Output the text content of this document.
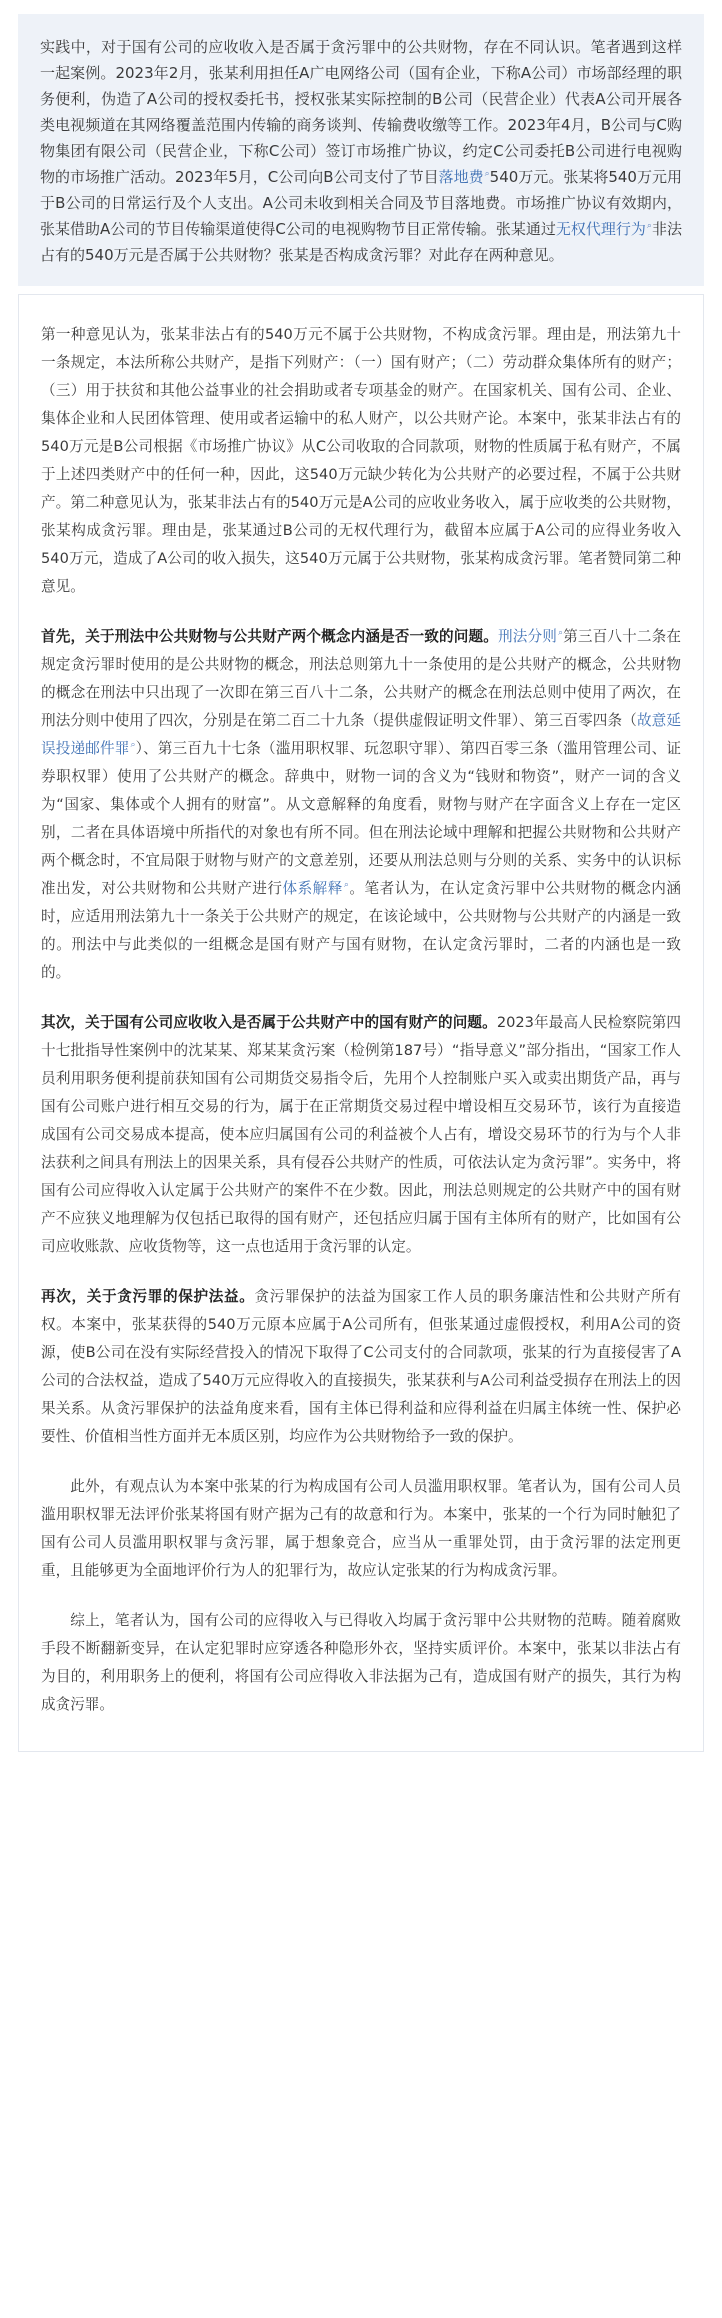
实践中，对于国有公司的应收收入是否属于贪污罪中的公共财物，存在不同认识。笔者遇到这样一起案例。2023年2月，张某利用担任A广电网络公司（国有企业，下称A公司）市场部经理的职务便利，伪造了A公司的授权委托书，授权张某实际控制的B公司（民营企业）代表A公司开展各类电视频道在其网络覆盖范围内传输的商务谈判、传输费收缴等工作。2023年4月，B公司与C购物集团有限公司（民营企业，下称C公司）签订市场推广协议，约定C公司委托B公司进行电视购物的市场推广活动。2023年5月，C公司向B公司支付了节目落地费⌕540万元。张某将540万元用于B公司的日常运行及个人支出。A公司未收到相关合同及节目落地费。市场推广协议有效期内，张某借助A公司的节目传输渠道使得C公司的电视购物节目正常传输。张某通过无权代理行为⌕非法占有的540万元是否属于公共财物？张某是否构成贪污罪？对此存在两种意见。

第一种意见认为，张某非法占有的540万元不属于公共财物，不构成贪污罪。理由是，刑法第九十一条规定，本法所称公共财产，是指下列财产：（一）国有财产；（二）劳动群众集体所有的财产；（三）用于扶贫和其他公益事业的社会捐助或者专项基金的财产。在国家机关、国有公司、企业、集体企业和人民团体管理、使用或者运输中的私人财产，以公共财产论。本案中，张某非法占有的540万元是B公司根据《市场推广协议》从C公司收取的合同款项，财物的性质属于私有财产，不属于上述四类财产中的任何一种，因此，这540万元缺少转化为公共财产的必要过程，不属于公共财产。第二种意见认为，张某非法占有的540万元是A公司的应收业务收入，属于应收类的公共财物，张某构成贪污罪。理由是，张某通过B公司的无权代理行为，截留本应属于A公司的应得业务收入540万元，造成了A公司的收入损失，这540万元属于公共财物，张某构成贪污罪。笔者赞同第二种意见。

首先，关于刑法中公共财物与公共财产两个概念内涵是否一致的问题。刑法分则⌕第三百八十二条在规定贪污罪时使用的是公共财物的概念，刑法总则第九十一条使用的是公共财产的概念，公共财物的概念在刑法中只出现了一次即在第三百八十二条，公共财产的概念在刑法总则中使用了两次，在刑法分则中使用了四次，分别是在第二百二十九条（提供虚假证明文件罪）、第三百零四条（故意延误投递邮件罪⌕）、第三百九十七条（滥用职权罪、玩忽职守罪）、第四百零三条（滥用管理公司、证券职权罪）使用了公共财产的概念。辞典中，财物一词的含义为“钱财和物资”，财产一词的含义为“国家、集体或个人拥有的财富”。从文意解释的角度看，财物与财产在字面含义上存在一定区别，二者在具体语境中所指代的对象也有所不同。但在刑法论域中理解和把握公共财物和公共财产两个概念时，不宜局限于财物与财产的文意差别，还要从刑法总则与分则的关系、实务中的认识标准出发，对公共财物和公共财产进行体系解释⌕。笔者认为，在认定贪污罪中公共财物的概念内涵时，应适用刑法第九十一条关于公共财产的规定，在该论域中，公共财物与公共财产的内涵是一致的。刑法中与此类似的一组概念是国有财产与国有财物，在认定贪污罪时，二者的内涵也是一致的。

其次，关于国有公司应收收入是否属于公共财产中的国有财产的问题。2023年最高人民检察院第四十七批指导性案例中的沈某某、郑某某贪污案（检例第187号）“指导意义”部分指出，“国家工作人员利用职务便利提前获知国有公司期货交易指令后，先用个人控制账户买入或卖出期货产品，再与国有公司账户进行相互交易的行为，属于在正常期货交易过程中增设相互交易环节，该行为直接造成国有公司交易成本提高，使本应归属国有公司的利益被个人占有，增设交易环节的行为与个人非法获利之间具有刑法上的因果关系，具有侵吞公共财产的性质，可依法认定为贪污罪”。实务中，将国有公司应得收入认定属于公共财产的案件不在少数。因此，刑法总则规定的公共财产中的国有财产不应狭义地理解为仅包括已取得的国有财产，还包括应归属于国有主体所有的财产，比如国有公司应收账款、应收货物等，这一点也适用于贪污罪的认定。

再次，关于贪污罪的保护法益。贪污罪保护的法益为国家工作人员的职务廉洁性和公共财产所有权。本案中，张某获得的540万元原本应属于A公司所有，但张某通过虚假授权，利用A公司的资源，使B公司在没有实际经营投入的情况下取得了C公司支付的合同款项，张某的行为直接侵害了A公司的合法权益，造成了540万元应得收入的直接损失，张某获利与A公司利益受损存在刑法上的因果关系。从贪污罪保护的法益角度来看，国有主体已得利益和应得利益在归属主体统一性、保护必要性、价值相当性方面并无本质区别，均应作为公共财物给予一致的保护。

此外，有观点认为本案中张某的行为构成国有公司人员滥用职权罪。笔者认为，国有公司人员滥用职权罪无法评价张某将国有财产据为己有的故意和行为。本案中，张某的一个行为同时触犯了国有公司人员滥用职权罪与贪污罪，属于想象竞合，应当从一重罪处罚，由于贪污罪的法定刑更重，且能够更为全面地评价行为人的犯罪行为，故应认定张某的行为构成贪污罪。

综上，笔者认为，国有公司的应得收入与已得收入均属于贪污罪中公共财物的范畴。随着腐败手段不断翻新变异，在认定犯罪时应穿透各种隐形外衣，坚持实质评价。本案中，张某以非法占有为目的，利用职务上的便利，将国有公司应得收入非法据为己有，造成国有财产的损失，其行为构成贪污罪。
